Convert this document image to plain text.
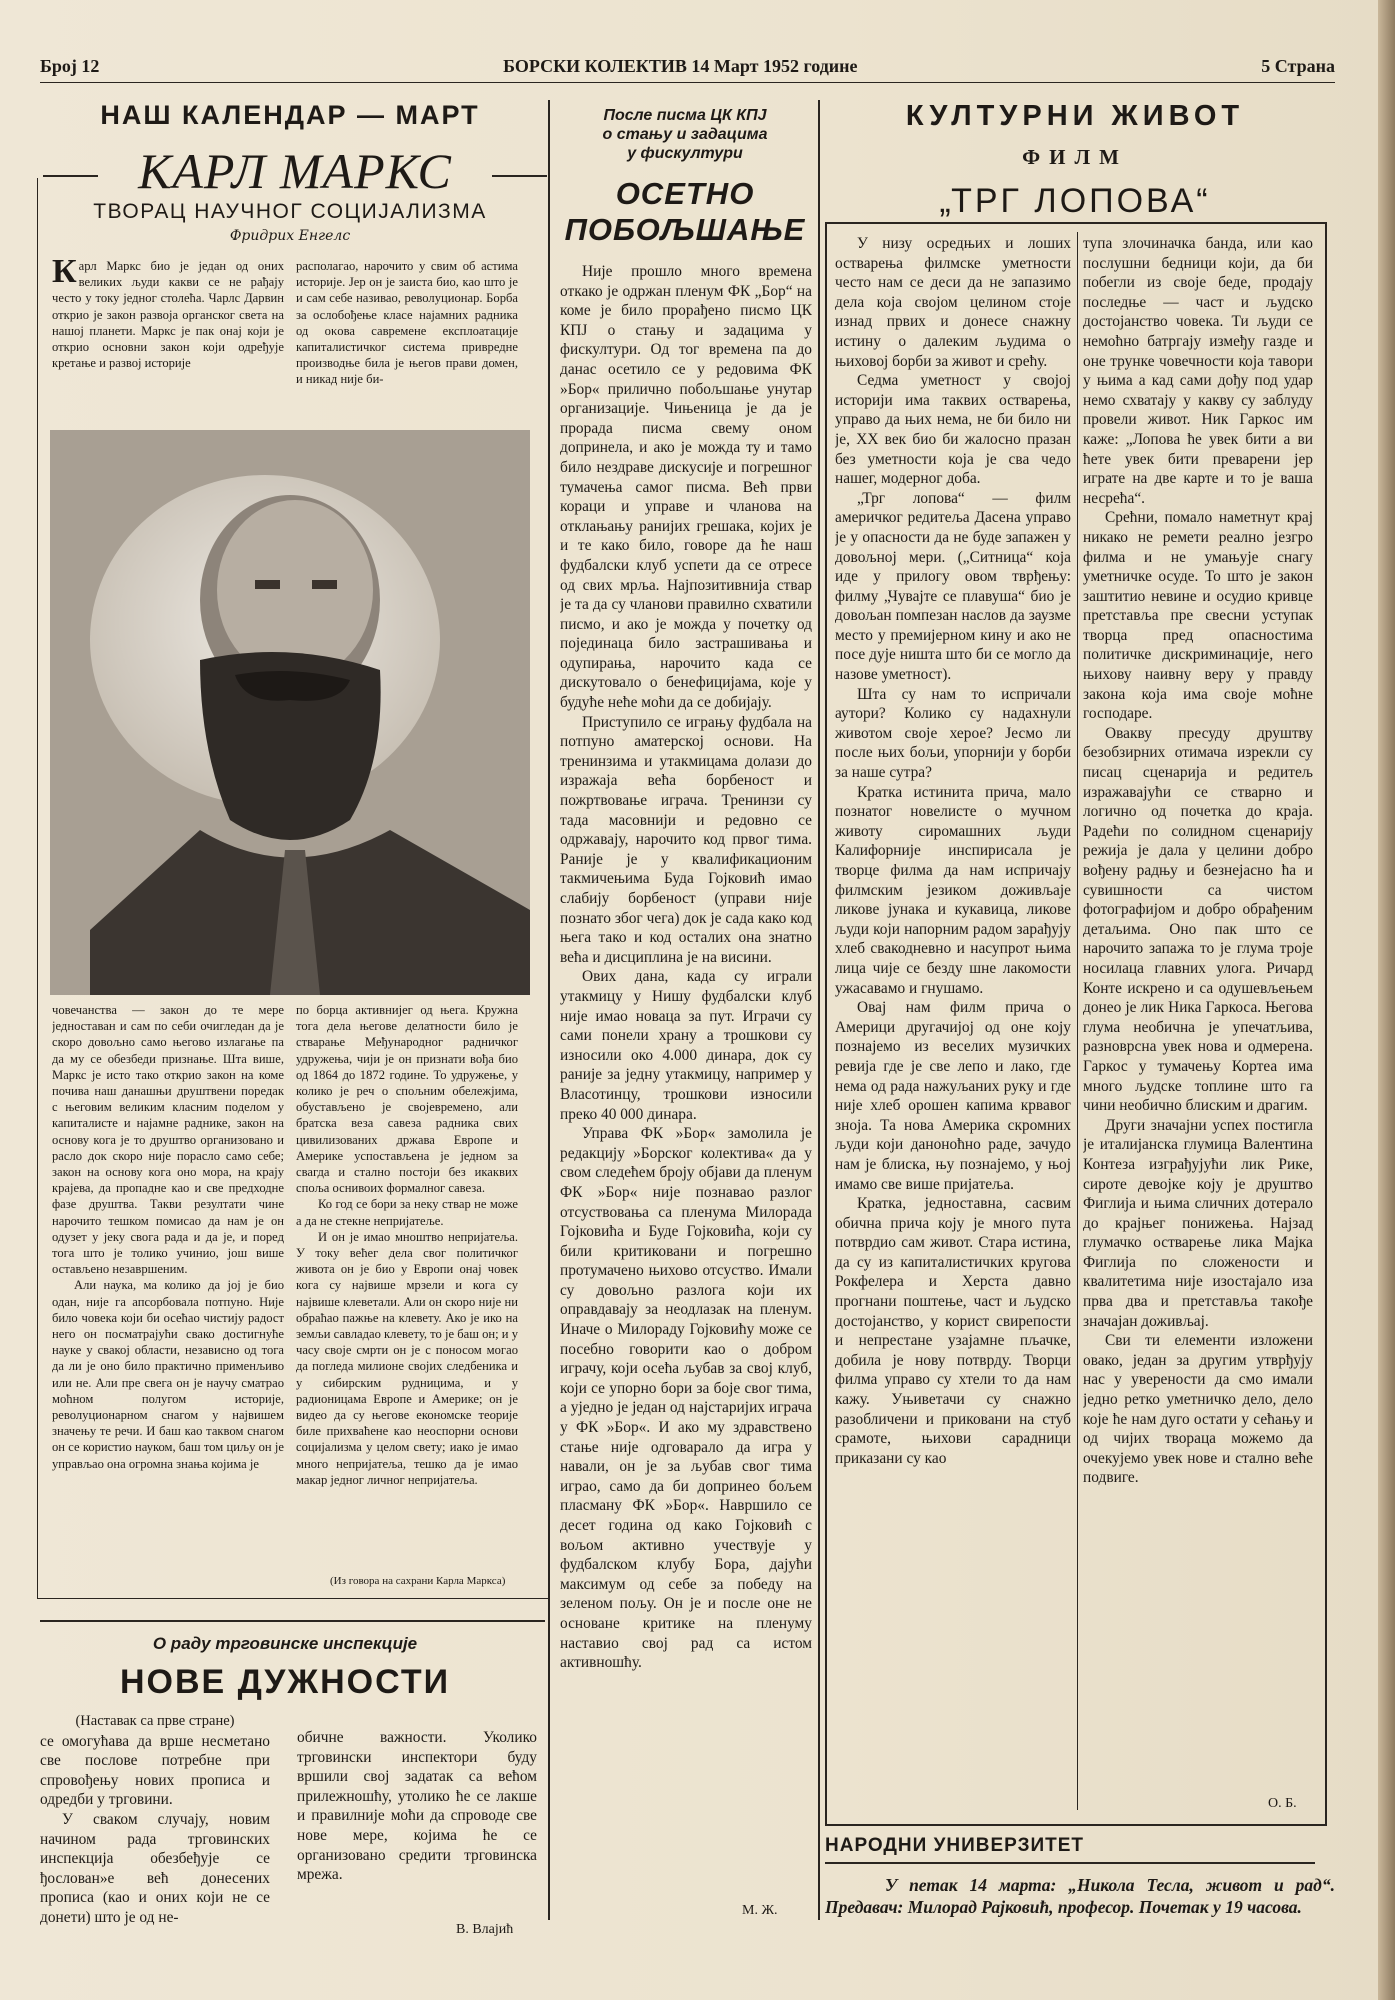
Број 12	БОРСКИ КОЛЕКТИВ 14 Март 1952 године	5 Страна
НАШ КАЛЕНДАР — МАРТ
КАРЛ МАРКС
ТВОРАЦ НАУЧНОГ СОЦИЈАЛИЗМА
Фридрих Енгелс

Карл Маркс био је један од оних великих људи какви се не рађају често у току једног столећа. Чарлс Дарвин открио је закон развоја органског света на нашој планети. Маркс је пак онај који је открио основни закон који одређује кретање и развој историје

располагао, нарочито у свим об астима историје. Јер он је заиста био, као што је и сам себе називао, револуционар. Борба за ослобођење класе најамних радника од оκова савремене експлоатације капиталистичког система привредне производње била је његов прави домен, и никад није би-

човечанства — закон до те мере једноставан и сам по себи очигледан да је скоро довољно само његово излагање па да му се обезбеди признање. Шта више, Маркс је исто тако открио закон на коме почива наш данашњи друштвени поредак с његовим великим класним поделом у капиталисте и најамне раднике, закон на основу кога је то друштво организовано и расло док скоро није порасло само себе; закон на основу кога оно мора, на крају крајева, да пропадне као и све предходне фазе друштва. Такви резултати чине нарочито тешком помисао да нам је он одузет у јеку свога рада и да је, и поред тога што је толико учинио, још више остављено незавршеним.

Али наука, ма колико да јој је био одан, није га апсорбовала потпуно. Није било човека који би осећао чистију радост него он посматрајући свако достигнуће науке у свакој области, независно од тога да ли је оно било практично применљиво или не. Али пре свега он је научу сматрао моћном полугом историје, револуционарном снагом у највишем значењу те речи. И баш као таквом снагом он се користио науком, баш том циљу он је управљао она огромна знања којима је

по борца активнијег од њега. Кружна тога дела његове делатности било је стварање Међународног радничког удружења, чији је он признати вођа био од 1864 до 1872 године. То удружење, у колико је реч о спољним обележјима, обустављено је својевремено, али братска веза савеза радника свих цивилизованих држава Европе и Америке успостављена је једном за свагда и стално постоји без икаквих споља оснивоих формалног савеза.

Ко год се бори за неку ствар не може а да не стекне непријатеље.

И он је имао мноштво непријатеља. У току већег дела свог политичког живота он је био у Европи онај човек кога су највише мрзели и кога су највише клеветали. Али он скоро није ни обраћао пажње на клевету. Ако је ико на земљи савладао клевету, то је баш он; и у часу своје смрти он је с поносом могао да погледа милионе својих следбеника и у сибирским рудницима, и у радионицама Европе и Америке; он је видео да су његове економске теорије биле прихваћене као неоспорни основи социјализма у целом свету; иако је имао много непријатеља, тешко да је имао макар једног личног непријатеља.

(Из говора на сахрани Карла Маркса)
После писма ЦК КПЈ
о стању и задацима
у фискултури
ОСЕТНО
ПОБОЉШАЊЕ

Није прошло много времена откако је одржан пленум ФК „Бор“ на коме је било прорађено писмо ЦК КПЈ о стању и задацима у фискултури. Од тог времена па до данас осетило се у редовима ФК »Бор« прилично побољшање унутар организације. Чињеница је да је прорада писма свему оном допринела, и ако је можда ту и тамо било нездраве дискусије и погрешног тумачења самог писма. Већ први кораци и управе и чланова на отклањању ранијих грешака, којих је и те како било, говоре да ће наш фудбалски клуб успети да се отресе од свих мрља. Најпозитивнија ствар је та да су чланови правилно схватили писмо, и ако је можда у почетку од појединаца било застрашивања и одупирања, нарочито када се дискутовало о бенефицијама, које у будуће неће моћи да се добијају.

Приступило се игрању фудбала на потпуно аматерској основи. На тренинзима и утакмицама долази до изражаја већа борбеност и пожртвовање играча. Тренинзи су тада масовнији и редовно се одржавају, нарочито код првог тима. Раније је у квалификационим такмичењима Буда Гојковић имао слабију борбеност (управи није познато због чега) док је сада како код њега тако и код осталих она знатно већа и дисциплина је на висини.

Ових дана, када су играли утакмицу у Нишу фудбалски клуб није имао новаца за пут. Играчи су сами понели храну а трошкови су износили око 4.000 динара, док су раније за једну утакмицу, например у Власотинцу, трошкови износили преко 40 000 динара.

Управа ФК »Бор« замолила је редакцију »Борског колектива« да у свом следећем броју објави да пленум ФК »Бор« није познавао разлог отсуствовања са пленума Милорада Гојковића и Буде Гојковића, који су били критиковани и погрешно протумачено њихово отсуство. Имали су довољно разлога који их оправдавају за неодлазак на пленум. Иначе о Милораду Гојковићу може се посебно говорити као о добром играчу, који осећа љубав за свој клуб, који се упорно бори за боје свог тима, а уједно је један од најстаријих играча у ФК »Бор«. И ако му здравствено стање није одговарало да игра у навали, он је за љубав свог тима играо, само да би допринео бољем пласману ФК »Бор«. Навршило се десет година од како Гојковић с вољом активно учествује у фудбалском клубу Бора, дајући максимум од себе за победу на зеленом пољу. Он је и после оне не основане критике на пленуму наставио свој рад са истом активношћу.

М. Ж.
КУЛТУРНИ ЖИВОТ
ФИЛМ
„ТРГ ЛОПОВА“

У низу осредњих и лоших остварења филмске уметности често нам се деси да не запазимо дела која својом целином стоје изнад првих и донесе снажну истину о далеким људима о њиховој борби за живот и срећу.

Седма уметност у својој историји има таквих остварења, управо да њих нема, не би било ни је, XX век био би жалосно празан без уметности која је сва чедо нашег, модерног доба.

„Трг лопова“ — филм америчког редитеља Дасена управо је у опасности да не буде запажен у довољној мери. („Ситница“ која иде у прилогу овом тврђењу: филму „Чувајте се плавуша“ био је довољан помпезан наслов да заузме место у премијерном кину и ако не посе дује ништа што би се могло да назове уметност).

Шта су нам то испричали аутори? Колико су надахнули животом своје херое? Јесмо ли после њих бољи, упорнији у борби за наше сутра?

Кратка истинита прича, мало познатог новелисте о мучном животу сиромашних људи Калифорније инспирисала је творце филма да нам испричају филмским језиком доживљаје ликове јунака и кукавица, ликове људи који напорним радом зарађују хлеб свакодневно и насупрот њима лица чије се безду шне лакомости ужасавамо и гнушамо.

Овај нам филм прича о Америци другачијој од оне коју познајемо из веселих музичких ревија где је све лепо и лако, где нема од рада нажуљаних руку и где није хлеб орошен капима крвавог зноја. Та нова Америка скромних људи који даноноћно раде, зачудо нам је блиска, њу познајемо, у њој имамо све више пријатеља.

Кратка, једноставна, сасвим обична прича коју је много пута потврдио сам живот. Стара истина, да су из капиталистичких кругова Рокфелера и Херста давно прогнани поштење, част и људско достојанство, у корист свирепости и непрестане узајамне пљачке, добила је нову потврду. Творци филма управо су хтели то да нам кажу. Уњиветачи су снажно разобличени и приковани на стуб срамоте, њихови сарадници приказани су као

тупа злочиначка банда, или као послушни бедници који, да би побегли из своје беде, продају последње — част и људско достојанство човека. Ти људи се немоћно батргају између газде и оне трунке човечности која тавори у њима а кад сами дођу под удар немо схватају у какву су заблуду провели живот. Ник Гаркос им каже: „Лопова ће увек бити а ви ћете увек бити преварени јер играте на две карте и то је ваша несрећа“.

Срећни, помало наметнут крај никако не ремети реално језгро филма и не умањује снагу уметничке осуде. То што је закон заштитио невине и осудио кривце претставља пре свесни уступак творца пред опасностима политичке дискриминације, него њихову наивну веру у правду закона која има своје моћне господаре.

Овакву пресуду друштву безобзирних отимача изрекли су писац сценарија и редитељ изражавајући се стварно и логично од почетка до краја. Радећи по солидном сценарију режија је дала у целини добро вођену радњу и безнејасно ћа и сувишности са чистом фотографијом и добро обрађеним детаљима. Оно пак што се нарочито запажа то је глума троје носилаца главних улога. Ричард Конте искрено и са одушевљењем донео је лик Ника Гаркоса. Његова глума необична је упечатљива, разноврсна увек нова и одмерена. Гаркос у тумачењу Кортеа има много људске топлине што га чини необично блиским и драгим.

Други значајни успех постигла је италијанска глумица Валентина Контеза изграђујући лик Рике, сироте девојке коју је друштво Фиглија и њима сличних дотерало до крајњег понижења. Најзад глумачко остварење лика Мајка Фиглија по сложености и квалитетима није изостајало иза прва два и претставља такође значајан доживљај.

Сви ти елементи изложени овако, један за другим утврђују нас у уверености да смо имали једно ретко уметничко дело, дело које ће нам дуго остати у сећању и од чијих твораца можемо да очекујемо увек нове и стално веће подвиге.

О. Б.
О раду трговинске инспекције
НОВЕ ДУЖНОСТИ
(Наставак са прве стране)

се омогућава да врше несметано све послове потребне при спровођењу нових прописа и одредби у трговини.

У сваком случају, новим начином рада трговинских инспекција обезбеђује се ђослован»е већ донесених прописа (као и оних који не се донети) што је од не-

обичне важности. Уколико трговински инспектори буду вршили свој задатак са већом прилежношћу, утолико ће се лакше и правилније моћи да спроводе све нове мере, којима ће се организовано средити трговинска мрежа.

В. Влајић
НАРОДНИ УНИВЕРЗИТЕТ

У петак 14 марта: „Никола Тесла, живот и рад“. Предавач: Милорад Рајковић, професор. Почетак у 19 часова.
